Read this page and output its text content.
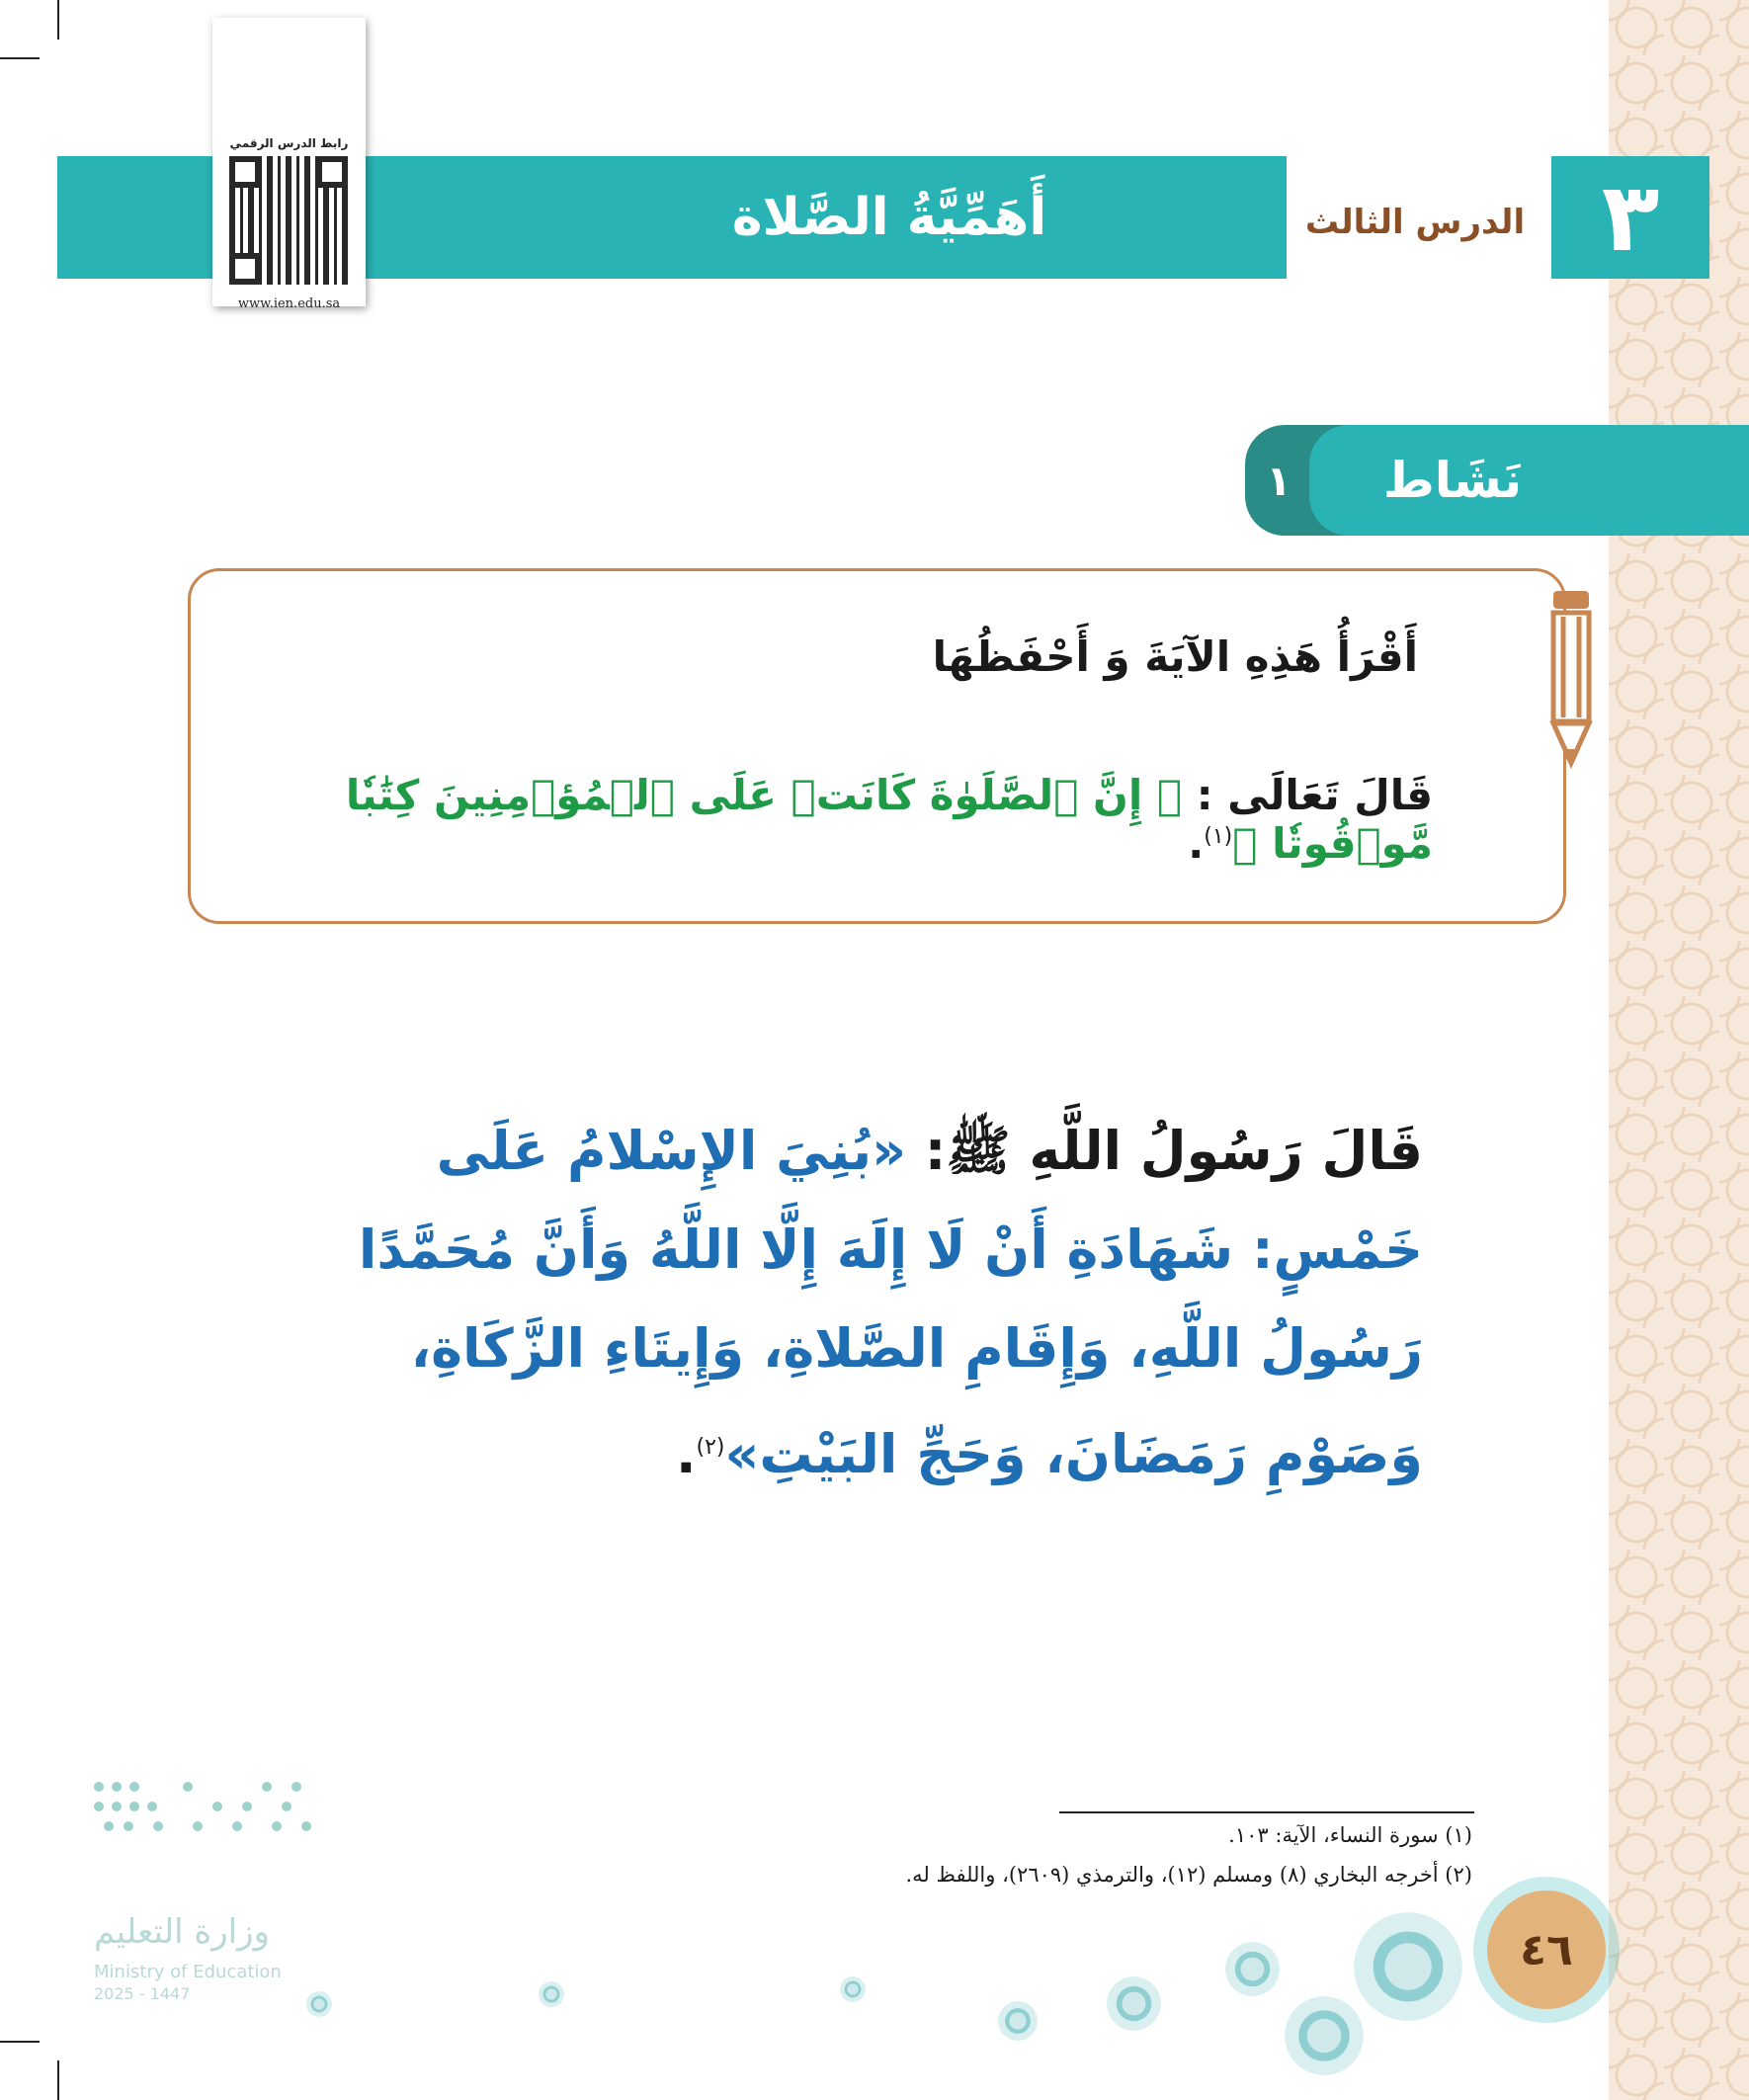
أَهَمِّيَّةُ الصَّلاة	الدرس الثالث ٣
رابط الدرس الرقمي
www.ien.edu.sa
نَشَاط
١
أَقْرَأُ هَذِهِ الآيَةَ وَ أَحْفَظُهَا
قَالَ تَعَالَى : ﴿ إِنَّ ٱلصَّلَوٰةَ كَانَتۡ عَلَى ٱلۡمُؤۡمِنِينَ كِتَٰبٗا مَّوۡقُوتٗا ﴾$^{(١)}$.
قَالَ رَسُولُ اللَّهِ ﷺ: «بُنِيَ الإِسْلامُ عَلَى خَمْسٍ: شَهَادَةِ أَنْ لَا إِلَهَ إِلَّا اللَّهُ وَأَنَّ مُحَمَّدًا رَسُولُ اللَّهِ، وَإِقَامِ الصَّلاةِ، وَإِيتَاءِ الزَّكَاةِ، وَصَوْمِ رَمَضَانَ، وَحَجِّ البَيْتِ»$^{(٢)}$.
(١) سورة النساء، الآية: ١٠٣.
(٢) أخرجه البخاري (٨) ومسلم (١٢)، والترمذي (٢٦٠٩)، واللفظ له.
٤٦
وزارة التعليم
Ministry of Education
2025 - 1447
